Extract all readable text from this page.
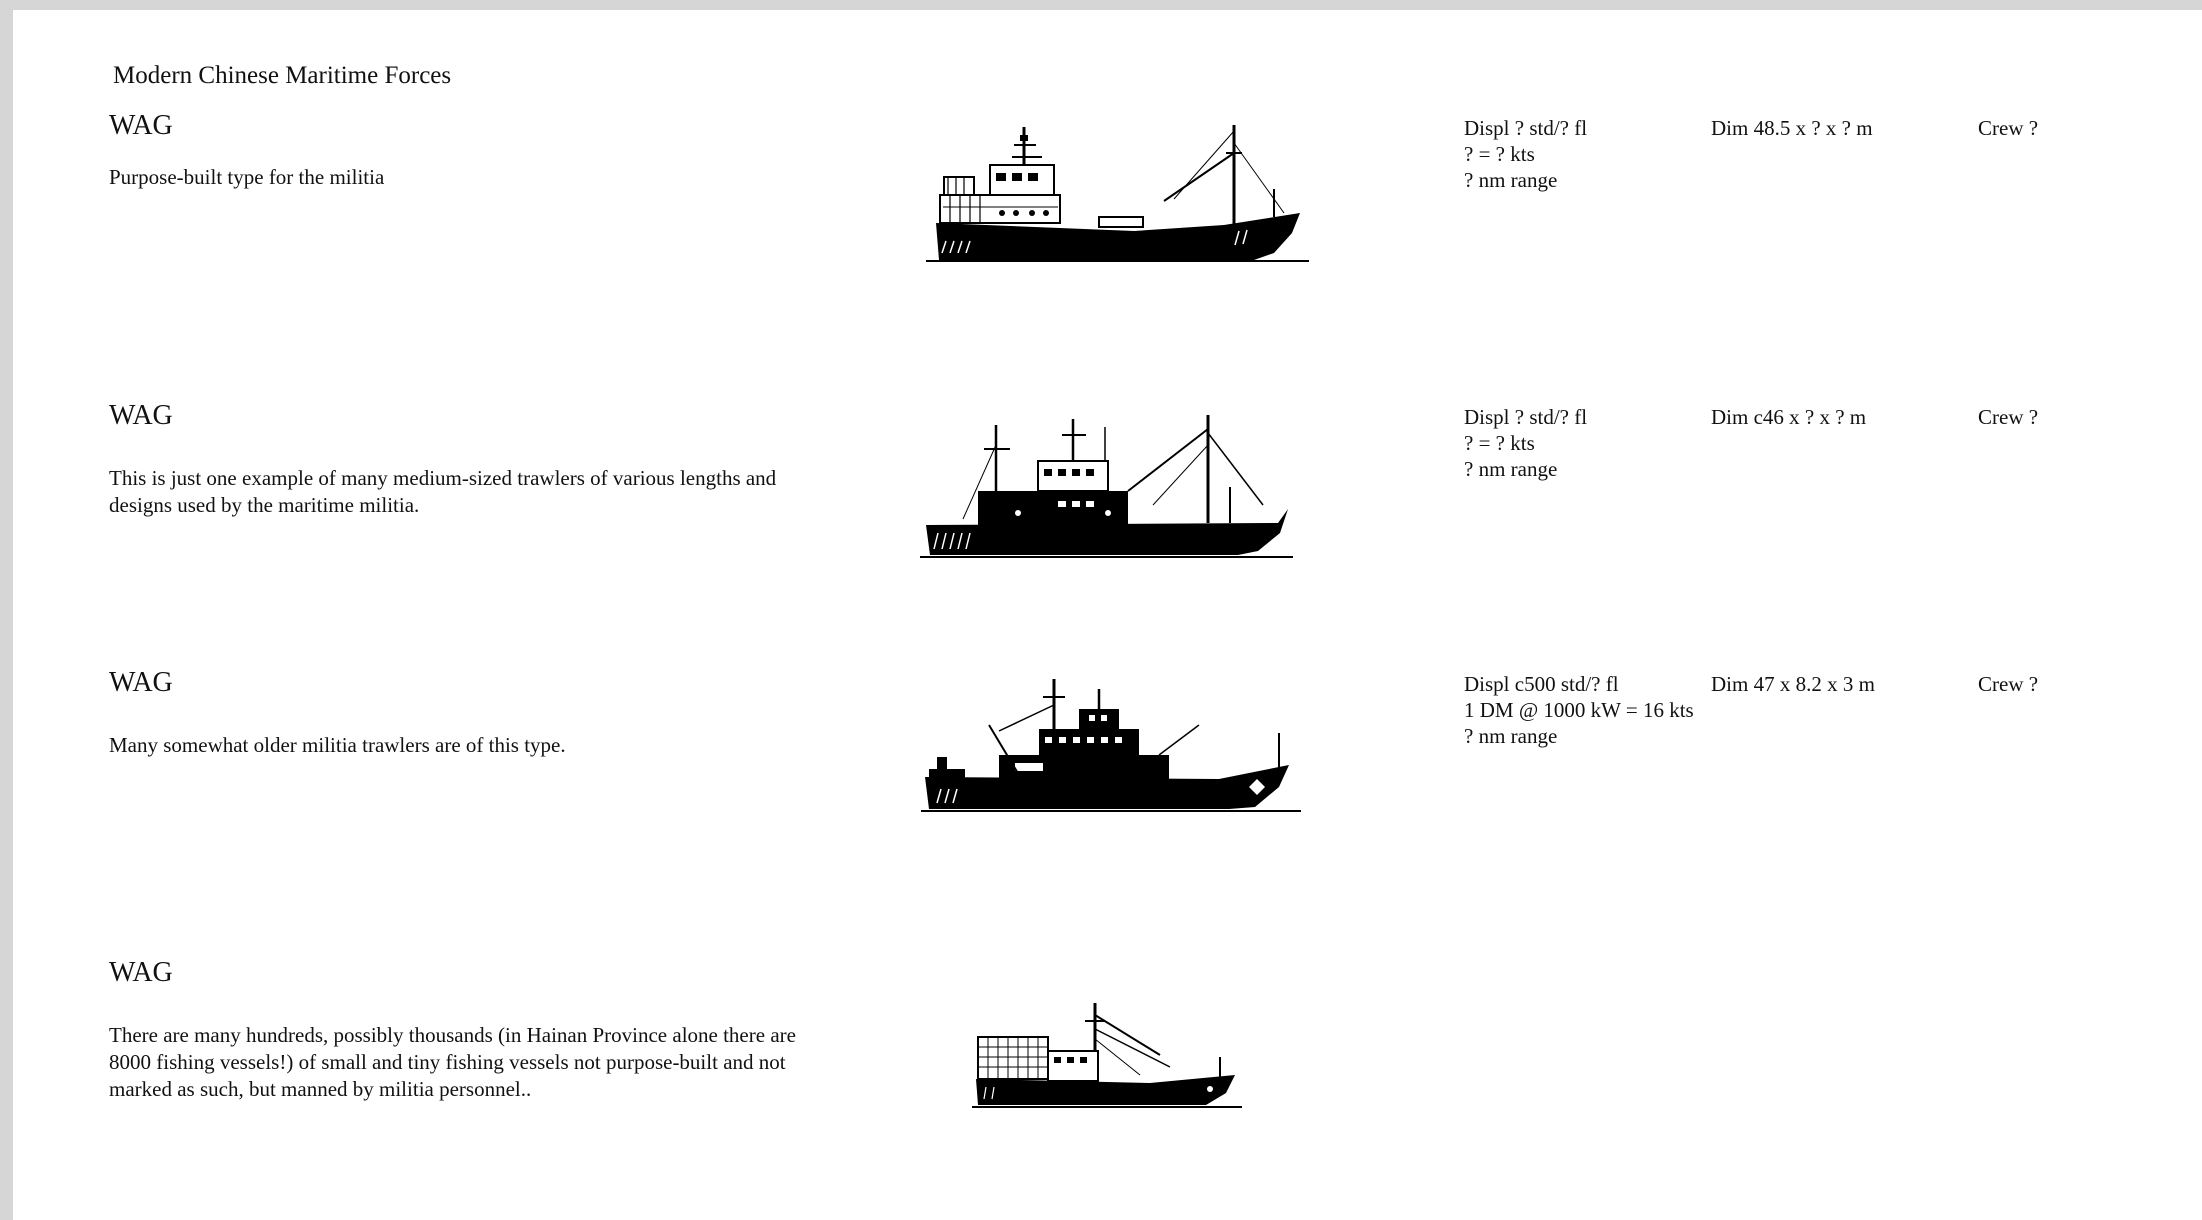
Modern Chinese Maritime Forces
WAG
Purpose-built type for the militia
Displ ? std/? fl
? = ? kts
? nm range
Dim 48.5 x ? x ? m	Crew ?
WAG
This is just one example of many medium-sized trawlers of various lengths and designs used by the maritime militia.
Displ ? std/? fl
? = ? kts
? nm range
Dim c46 x ? x ? m	Crew ?
WAG
Many somewhat older militia trawlers are of this type.
Displ c500 std/? fl
1 DM @ 1000 kW = 16 kts
? nm range
Dim 47 x 8.2 x 3 m	Crew ?
WAG
There are many hundreds, possibly thousands (in Hainan Province alone there are 8000 fishing vessels!) of small and tiny fishing vessels not purpose-built and not marked as such, but manned by militia personnel..
